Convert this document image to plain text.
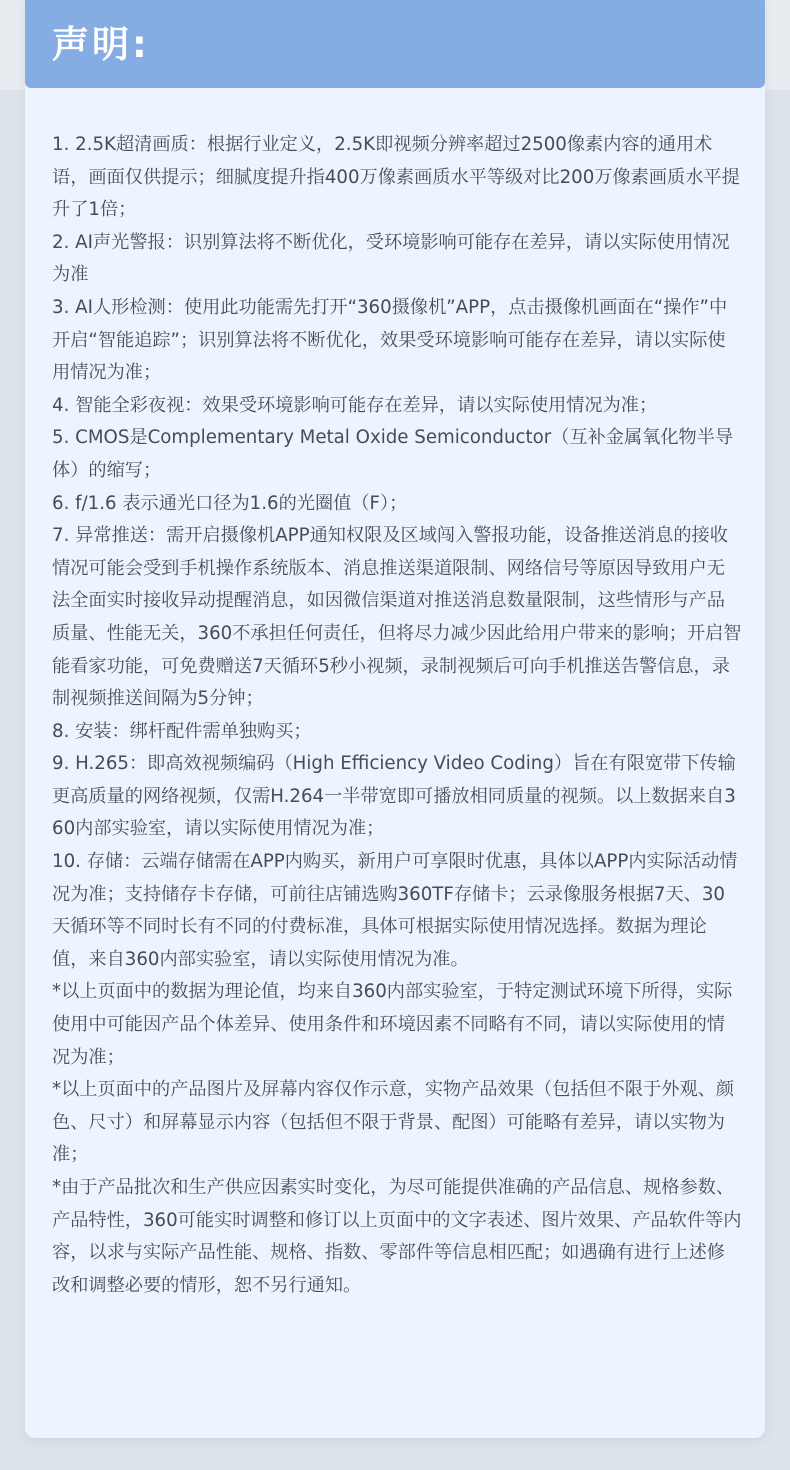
声明:

1. 2.5K超清画质：根据行业定义，2.5K即视频分辨率超过2500像素内容的通用术语，画面仅供提示；细腻度提升指400万像素画质水平等级对比200万像素画质水平提升了1倍；

2. AI声光警报：识别算法将不断优化，受环境影响可能存在差异，请以实际使用情况为准

3. AI人形检测：使用此功能需先打开“360摄像机”APP，点击摄像机画面在“操作”中开启“智能追踪”；识别算法将不断优化，效果受环境影响可能存在差异，请以实际使用情况为准；

4. 智能全彩夜视：效果受环境影响可能存在差异，请以实际使用情况为准；

5. CMOS是Complementary Metal Oxide Semiconductor（互补金属氧化物半导体）的缩写；

6. f/1.6 表示通光口径为1.6的光圈值（F）；

7. 异常推送：需开启摄像机APP通知权限及区域闯入警报功能，设备推送消息的接收情况可能会受到手机操作系统版本、消息推送渠道限制、网络信号等原因导致用户无法全面实时接收异动提醒消息，如因微信渠道对推送消息数量限制，这些情形与产品质量、性能无关，360不承担任何责任，但将尽力减少因此给用户带来的影响；开启智能看家功能，可免费赠送7天循环5秒小视频，录制视频后可向手机推送告警信息，录制视频推送间隔为5分钟；

8. 安装：绑杆配件需单独购买；

9. H.265：即高效视频编码（High Efficiency Video Coding）旨在有限宽带下传输更高质量的网络视频，仅需H.264一半带宽即可播放相同质量的视频。以上数据来自360内部实验室，请以实际使用情况为准；

10. 存储：云端存储需在APP内购买，新用户可享限时优惠，具体以APP内实际活动情况为准；支持储存卡存储，可前往店铺选购360TF存储卡；云录像服务根据7天、30天循环等不同时长有不同的付费标准，具体可根据实际使用情况选择。数据为理论值，来自360内部实验室，请以实际使用情况为准。

*以上页面中的数据为理论值，均来自360内部实验室，于特定测试环境下所得，实际使用中可能因产品个体差异、使用条件和环境因素不同略有不同，请以实际使用的情况为准；

*以上页面中的产品图片及屏幕内容仅作示意，实物产品效果（包括但不限于外观、颜色、尺寸）和屏幕显示内容（包括但不限于背景、配图）可能略有差异，请以实物为准；

*由于产品批次和生产供应因素实时变化，为尽可能提供准确的产品信息、规格参数、产品特性，360可能实时调整和修订以上页面中的文字表述、图片效果、产品软件等内容，以求与实际产品性能、规格、指数、零部件等信息相匹配；如遇确有进行上述修改和调整必要的情形，恕不另行通知。
